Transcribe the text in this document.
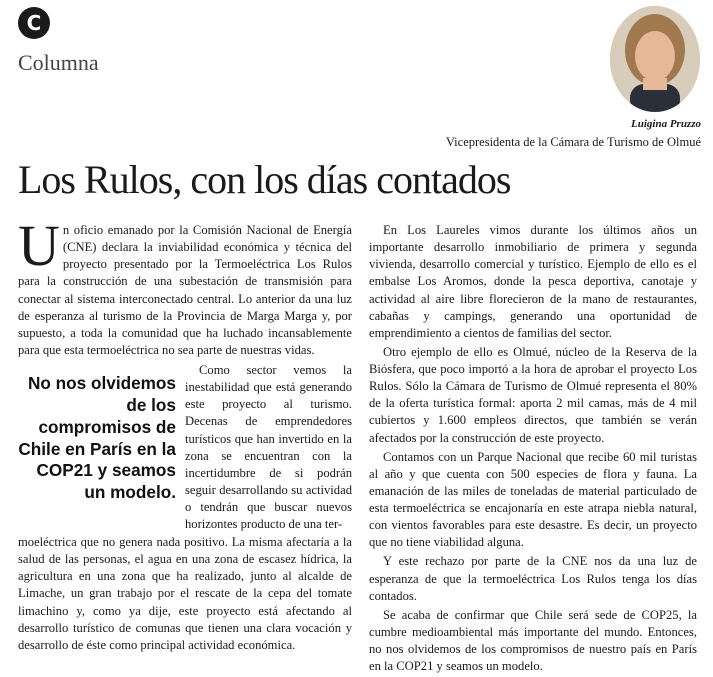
C
Columna
Luigina Pruzzo
Vicepresidenta de la Cámara de Turismo de Olmué
Los Rulos, con los días contados

U n oficio emanado por la Comisión Nacional de Energía (CNE) declara la inviabilidad económica y técnica del proyecto presentado por la Termoeléctrica Los Rulos para la construcción de una subestación de transmisión para conectar al sistema interconectado central. Lo anterior da una luz de esperanza al turismo de la Provincia de Marga Marga y, por supuesto, a toda la comunidad que ha luchado incansablemente para que esta termoeléctrica no sea parte de nuestras vidas.

No nos olvidemos de los compromisos de Chile en París en la COP21 y seamos un modelo.

Como sector vemos la inestabilidad que está generando este proyecto al turismo. Decenas de emprendedores turísticos que han invertido en la zona se encuentran con la incertidumbre de si podrán seguir desarrollando su actividad o tendrán que buscar nuevos horizontes producto de una ter-

moeléctrica que no genera nada positivo. La misma afectaría a la salud de las personas, el agua en una zona de escasez hídrica, la agricultura en una zona que ha realizado, junto al alcalde de Limache, un gran trabajo por el rescate de la cepa del tomate limachino y, como ya dije, este proyecto está afectando al desarrollo turístico de comunas que tienen una clara vocación y desarrollo de éste como principal actividad económica.

En Los Laureles vimos durante los últimos años un importante desarrollo inmobiliario de primera y segunda vivienda, desarrollo comercial y turístico. Ejemplo de ello es el embalse Los Aromos, donde la pesca deportiva, canotaje y actividad al aire libre florecieron de la mano de restaurantes, cabañas y campings, generando una oportunidad de emprendimiento a cientos de familias del sector.

Otro ejemplo de ello es Olmué, núcleo de la Reserva de la Biósfera, que poco importó a la hora de aprobar el proyecto Los Rulos. Sólo la Cámara de Turismo de Olmué representa el 80% de la oferta turística formal: aporta 2 mil camas, más de 4 mil cubiertos y 1.600 empleos directos, que también se verán afectados por la construcción de este proyecto.

Contamos con un Parque Nacional que recibe 60 mil turistas al año y que cuenta con 500 especies de flora y fauna. La emanación de las miles de toneladas de material particulado de esta termoeléctrica se encajonaría en este atrapa niebla natural, con vientos favorables para este desastre. Es decir, un proyecto que no tiene viabilidad alguna.

Y este rechazo por parte de la CNE nos da una luz de esperanza de que la termoeléctrica Los Rulos tenga los días contados.

Se acaba de confirmar que Chile será sede de COP25, la cumbre medioambiental más importante del mundo. Entonces, no nos olvidemos de los compromisos de nuestro país en París en la COP21 y seamos un modelo.
